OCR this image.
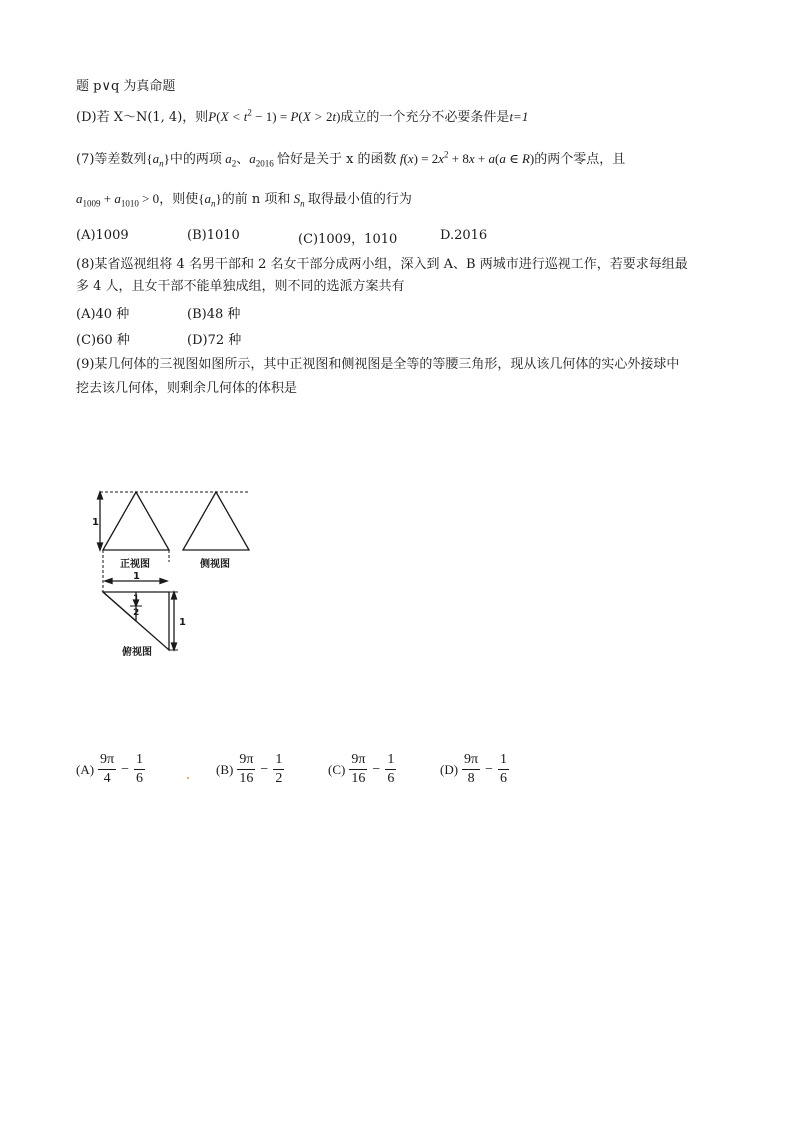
题 p∨q 为真命题
(D)若 X～N(1, 4)，则$P(X < t^2 - 1) = P(X > 2t)$成立的一个充分不必要条件是t=1
(7)等差数列$\{a_n\}$中的两项 $a_2$、$a_{2016}$ 恰好是关于 x 的函数 $f(x) = 2x^2 + 8x + a(a$ ∈ R)的两个零点，且
$a_{1009} + a_{1010} > 0$，则使$\{a_n\}$的前 n 项和 $S_n$ 取得最小值的行为
(A)1009	(B)1010	(C)1009，1010	D.2016
(8)某省巡视组将 4 名男干部和 2 名女干部分成两小组，深入到 A、B 两城市进行巡视工作，若要求每组最
多 4 人，且女干部不能单独成组，则不同的选派方案共有
(A)40 种	(B)48 种
(C)60 种	(D)72 种
(9)某几何体的三视图如图所示，其中正视图和侧视图是全等的等腰三角形，现从该几何体的实心外接球中
挖去该几何体，则剩余几何体的体积是
1
正视图	侧视图
1
1
2
1
俯视图
$(A) \frac{9\pi}{4} - \frac{1}{6}$	$(B) \frac{9\pi}{16} - \frac{1}{2}$	$(C) \frac{9\pi}{16} - \frac{1}{6}$	$(D) \frac{9\pi}{8} - \frac{1}{6}$
